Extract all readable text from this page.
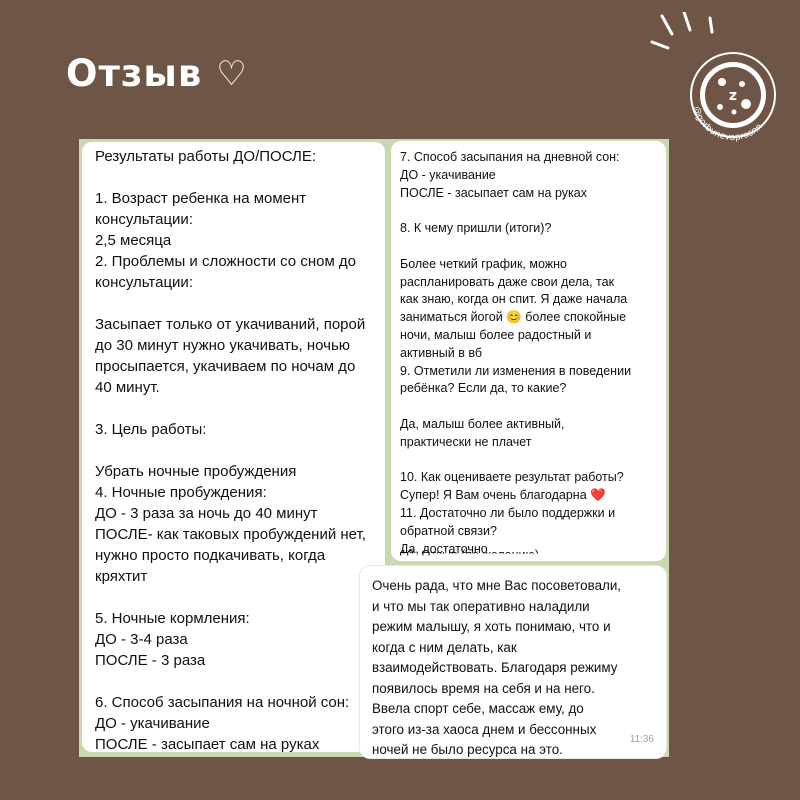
Отзыв ♡
z
@gorbunevaprosnn
Результаты работы ДО/ПОСЛЕ:

1. Возраст ребенка на момент
консультации:
2,5 месяца
2. Проблемы и сложности со сном до
консультации:

Засыпает только от укачиваний, порой
до 30 минут нужно укачивать, ночью
просыпается, укачиваем по ночам до
40 минут.

3. Цель работы:

Убрать ночные пробуждения
4. Ночные пробуждения:
ДО - 3 раза за ночь до 40 минут
ПОСЛЕ- как таковых пробуждений нет,
нужно просто подкачивать, когда
кряхтит

5. Ночные кормления:
ДО - 3-4 раза
ПОСЛЕ - 3 раза

6. Способ засыпания на ночной сон:
ДО - укачивание
ПОСЛЕ - засыпает сам на руках
7. Способ засыпания на дневной сон:
ДО - укачивание
ПОСЛЕ - засыпает сам на руках

8. К чему пришли (итоги)?

Более четкий график, можно
распланировать даже свои дела, так
как знаю, когда он спит. Я даже начала
заниматься йогой 😊 более спокойные
ночи, малыш более радостный и
активный в вб
9. Отметили ли изменения в поведении
ребёнка? Если да, то какие?

Да, малыш более активный,
практически не плачет

10. Как оцениваете результат работы?
Супер! Я Вам очень благодарна ❤️
11. Достаточно ли было поддержки и
обратной связи?
Да, достаточно
Очень рада, что мне Вас посоветовали,
и что мы так оперативно наладили
режим малышу, я хоть понимаю, что и
когда с ним делать, как
взаимодействовать. Благодаря режиму
появилось время на себя и на него.
Ввела спорт себе, массаж ему, до
этого из-за хаоса днем и бессонных
ночей не было ресурса на это.
11:36
